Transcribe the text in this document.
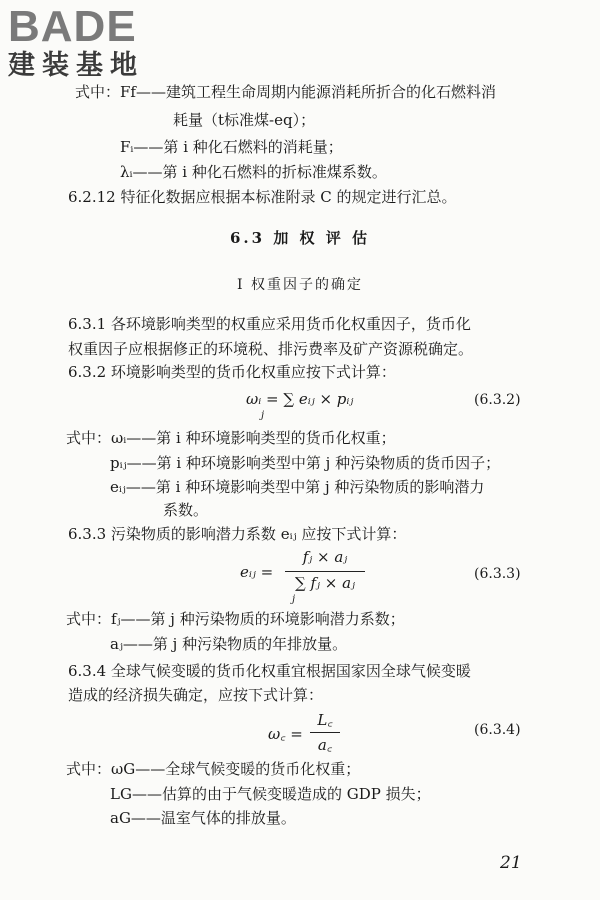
BADE
建装基地
式中：Ff——建筑工程生命周期内能源消耗所折合的化石燃料消
耗量（t标准煤-eq）；
Fᵢ——第 i 种化石燃料的消耗量；
λᵢ——第 i 种化石燃料的折标准煤系数。
6.2.12 特征化数据应根据本标准附录 C 的规定进行汇总。
6.3 加 权 评 估
Ⅰ 权重因子的确定
6.3.1 各环境影响类型的权重应采用货币化权重因子，货币化
权重因子应根据修正的环境税、排污费率及矿产资源税确定。
6.3.2 环境影响类型的货币化权重应按下式计算：
ωᵢ = ∑ eᵢⱼ × pᵢⱼ
j
(6.3.2)
式中：ωᵢ——第 i 种环境影响类型的货币化权重；
pᵢⱼ——第 i 种环境影响类型中第 j 种污染物质的货币因子；
eᵢⱼ——第 i 种环境影响类型中第 j 种污染物质的影响潜力
系数。
6.3.3 污染物质的影响潜力系数 eᵢⱼ 应按下式计算：
eᵢⱼ =
fⱼ × aⱼ
∑ fⱼ × aⱼ
j
(6.3.3)
式中：fⱼ——第 j 种污染物质的环境影响潜力系数；
aⱼ——第 j 种污染物质的年排放量。
6.3.4 全球气候变暖的货币化权重宜根据国家因全球气候变暖
造成的经济损失确定，应按下式计算：
ω꜀ =
L꜀
a꜀
(6.3.4)
式中：ωG——全球气候变暖的货币化权重；
LG——估算的由于气候变暖造成的 GDP 损失；
aG——温室气体的排放量。
21
